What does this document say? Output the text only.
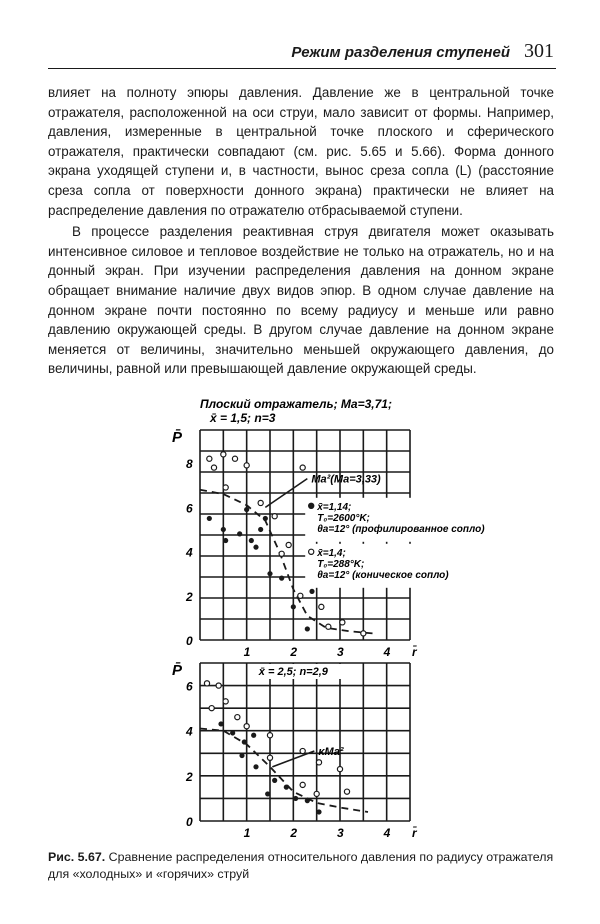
Режим разделения ступеней 301

влияет на полноту эпюры давления. Давление же в центральной точке отражателя, расположенной на оси струи, мало зависит от формы. Например, давления, измеренные в центральной точке плоского и сферического отражателя, практически совпадают (см. рис. 5.65 и 5.66). Форма донного экрана уходящей ступени и, в частности, вынос среза сопла (L) (расстояние среза сопла от поверхности донного экрана) практически не влияет на распределение давления по отражателю отбрасываемой ступени.

В процессе разделения реактивная струя двигателя может оказывать интенсивное силовое и тепловое воздействие не только на отражатель, но и на донный экран. При изучении распределения давления на донном экране обращает внимание наличие двух видов эпюр. В одном случае давление на донном экране почти постоянно по всему радиусу и меньше или равно давлению окружающей среды. В другом случае давление на донном экране меняется от величины, значительно меньшей окружающего давления, до величины, равной или превышающей давление окружающей среды.

Плоский отражатель; Ma=3,71;
x̄ = 1,5; n=3
P̄
r̄
0
2
4
6
8
1	2	3	4
Ma²(Ma=3,33)
x̄=1,14; T₀=2600°K; θa=12° (профилированное сопло)
x̄=1,4; T₀=288°K; θa=12° (коническое сопло)
P̄
r̄
0
2
4
6
1	2	3	4
κMa²
x̄ = 2,5; n=2,9
Рис. 5.67. Сравнение распределения относительного давления по радиусу отражателя для «холодных» и «горячих» струй
